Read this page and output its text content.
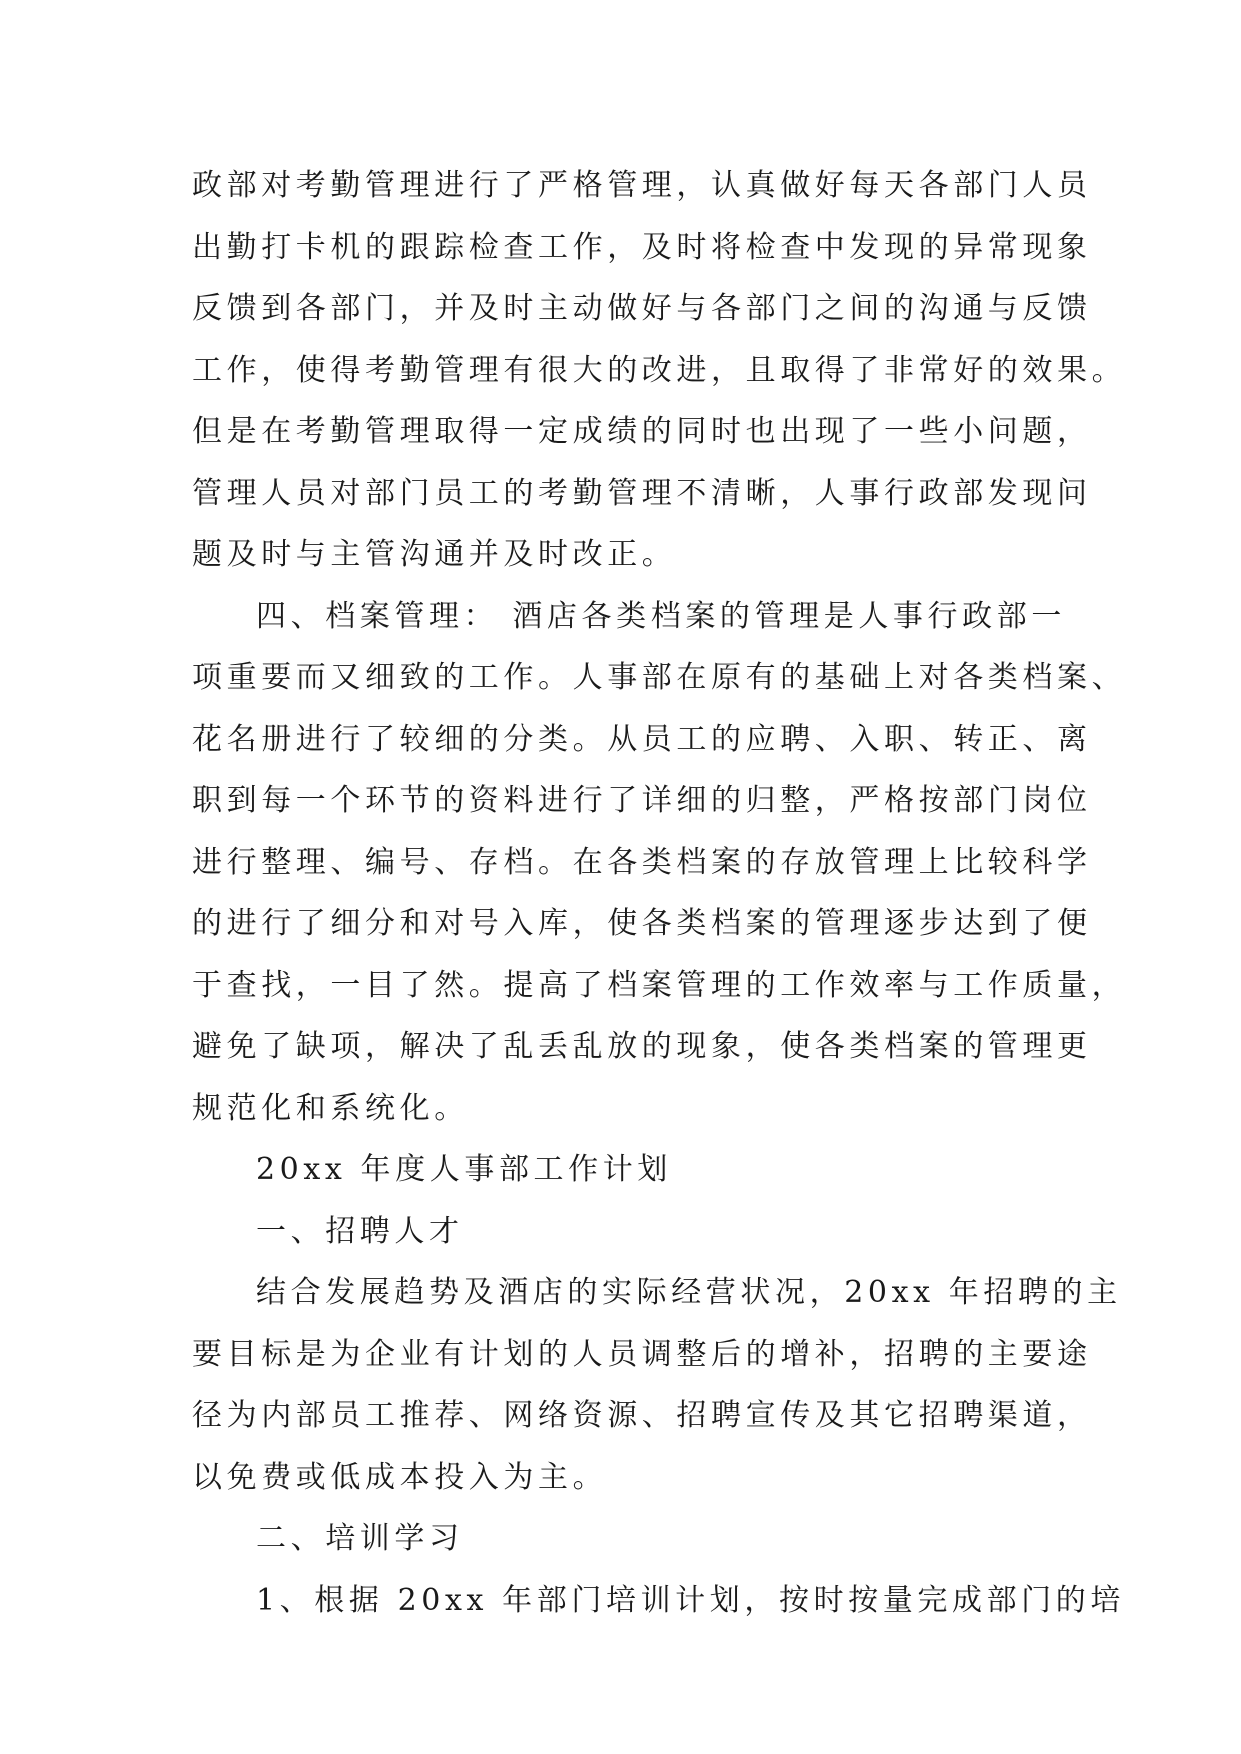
政部对考勤管理进行了严格管理，认真做好每天各部门人员
出勤打卡机的跟踪检查工作，及时将检查中发现的异常现象
反馈到各部门，并及时主动做好与各部门之间的沟通与反馈
工作，使得考勤管理有很大的改进，且取得了非常好的效果。
但是在考勤管理取得一定成绩的同时也出现了一些小问题，
管理人员对部门员工的考勤管理不清晰，人事行政部发现问
题及时与主管沟通并及时改正。
四、档案管理： 酒店各类档案的管理是人事行政部一
项重要而又细致的工作。人事部在原有的基础上对各类档案、
花名册进行了较细的分类。从员工的应聘、入职、转正、离
职到每一个环节的资料进行了详细的归整，严格按部门岗位
进行整理、编号、存档。在各类档案的存放管理上比较科学
的进行了细分和对号入库，使各类档案的管理逐步达到了便
于查找，一目了然。提高了档案管理的工作效率与工作质量，
避免了缺项，解决了乱丢乱放的现象，使各类档案的管理更
规范化和系统化。
20xx 年度人事部工作计划
一、招聘人才
结合发展趋势及酒店的实际经营状况，20xx 年招聘的主
要目标是为企业有计划的人员调整后的增补，招聘的主要途
径为内部员工推荐、网络资源、招聘宣传及其它招聘渠道，
以免费或低成本投入为主。
二、培训学习
1、根据 20xx 年部门培训计划，按时按量完成部门的培
